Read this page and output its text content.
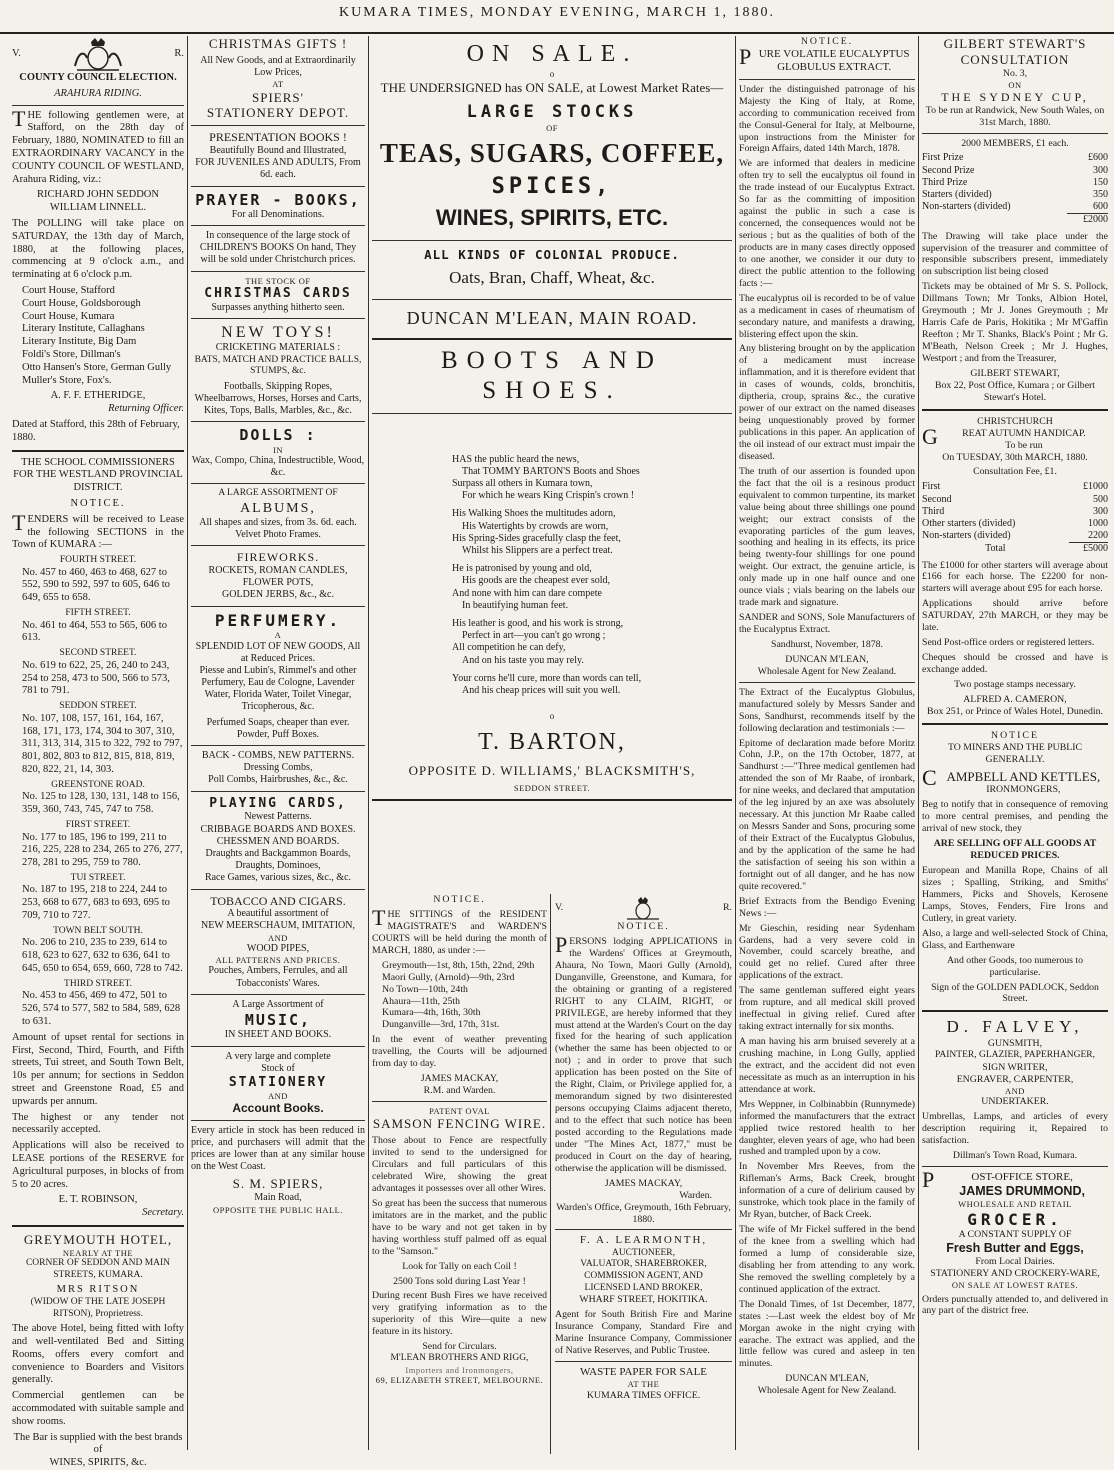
KUMARA TIMES, MONDAY EVENING, MARCH 1, 1880.
V.	R.

COUNTY COUNCIL ELECTION.

ARAHURA RIDING.

THE following gentlemen were, at Stafford, on the 28th day of February, 1880, NOMINATED to fill an EXTRAORDINARY VACANCY in the COUNTY COUNCIL OF WESTLAND, Arahura Riding, viz.:

RICHARD JOHN SEDDON

WILLIAM LINNELL.

The POLLING will take place on SATURDAY, the 13th day of March, 1880, at the following places, commencing at 9 o'clock a.m., and terminating at 6 o'clock p.m.

Court House, Stafford

Court House, Goldsborough

Court House, Kumara

Literary Institute, Callaghans

Literary Institute, Big Dam

Foldi's Store, Dillman's

Otto Hansen's Store, German Gully

Muller's Store, Fox's.

A. F. F. ETHERIDGE,

Returning Officer.

Dated at Stafford, this 28th of February, 1880.

THE SCHOOL COMMISSIONERS FOR THE WESTLAND PROVINCIAL DISTRICT.

NOTICE.

TENDERS will be received to Lease the following SECTIONS in the Town of KUMARA :—

FOURTH STREET.

No. 457 to 460, 463 to 468, 627 to 552, 590 to 592, 597 to 605, 646 to 649, 655 to 658.

FIFTH STREET.

No. 461 to 464, 553 to 565, 606 to 613.

SECOND STREET.

No. 619 to 622, 25, 26, 240 to 243, 254 to 258, 473 to 500, 566 to 573, 781 to 791.

SEDDON STREET.

No. 107, 108, 157, 161, 164, 167, 168, 171, 173, 174, 304 to 307, 310, 311, 313, 314, 315 to 322, 792 to 797, 801, 802, 803 to 812, 815, 818, 819, 820, 822, 21, 14, 303.

GREENSTONE ROAD.

No. 125 to 128, 130, 131, 148 to 156, 359, 360, 743, 745, 747 to 758.

FIRST STREET.

No. 177 to 185, 196 to 199, 211 to 216, 225, 228 to 234, 265 to 276, 277, 278, 281 to 295, 759 to 780.

TUI STREET.

No. 187 to 195, 218 to 224, 244 to 253, 668 to 677, 683 to 693, 695 to 709, 710 to 727.

TOWN BELT SOUTH.

No. 206 to 210, 235 to 239, 614 to 618, 623 to 627, 632 to 636, 641 to 645, 650 to 654, 659, 660, 728 to 742.

THIRD STREET.

No. 453 to 456, 469 to 472, 501 to 526, 574 to 577, 582 to 584, 589, 628 to 631.

Amount of upset rental for sections in First, Second, Third, Fourth, and Fifth streets, Tui street, and South Town Belt, 10s per annum; for sections in Seddon street and Greenstone Road, £5 and upwards per annum.

The highest or any tender not necessarily accepted.

Applications will also be received to LEASE portions of the RESERVE for Agricultural purposes, in blocks of from 5 to 20 acres.

E. T. ROBINSON,

Secretary.

GREYMOUTH HOTEL,

NEARLY AT THE

CORNER OF SEDDON AND MAIN STREETS, KUMARA.

MRS RITSON

(WIDOW OF THE LATE JOSEPH RITSON), Proprietress.

The above Hotel, being fitted with lofty and well-ventilated Bed and Sitting Rooms, offers every comfort and convenience to Boarders and Visitors generally.

Commercial gentlemen can be accommodated with suitable sample and show rooms.

The Bar is supplied with the best brands of

WINES, SPIRITS, &c.

CHRISTMAS GIFTS !

All New Goods, and at Extraordinarily Low Prices,

AT

SPIERS'

STATIONERY DEPOT.

PRESENTATION BOOKS !

Beautifully Bound and Illustrated,

FOR JUVENILES AND ADULTS, From 6d. each.

PRAYER - BOOKS,

For all Denominations.

In consequence of the large stock of CHILDREN'S BOOKS On hand, They will be sold under Christchurch prices.

THE STOCK OF

CHRISTMAS CARDS

Surpasses anything hitherto seen.

NEW TOYS!

CRICKETING MATERIALS :

BATS, MATCH AND PRACTICE BALLS, STUMPS, &c.

Footballs, Skipping Ropes,

Wheelbarrows, Horses, Horses and Carts,

Kites, Tops, Balls, Marbles, &c., &c.

DOLLS :

IN

Wax, Compo, China, Indestructible, Wood, &c.

A LARGE ASSORTMENT OF

ALBUMS,

All shapes and sizes, from 3s. 6d. each.

Velvet Photo Frames.

FIREWORKS.

ROCKETS, ROMAN CANDLES,

FLOWER POTS,

GOLDEN JERBS, &c., &c.

PERFUMERY.

A

SPLENDID LOT OF NEW GOODS, All at Reduced Prices.

Piesse and Lubin's, Rimmel's and other Perfumery, Eau de Cologne, Lavender Water, Florida Water, Toilet Vinegar, Tricopherous, &c.

Perfumed Soaps, cheaper than ever. Powder, Puff Boxes.

BACK - COMBS, NEW PATTERNS.

Dressing Combs,

Poll Combs, Hairbrushes, &c., &c.

PLAYING CARDS,

Newest Patterns.

CRIBBAGE BOARDS AND BOXES.

CHESSMEN AND BOARDS.

Draughts and Backgammon Boards,

Draughts, Dominoes,

Race Games, various sizes, &c., &c.

TOBACCO AND CIGARS.

A beautiful assortment of

NEW MEERSCHAUM, IMITATION,

AND

WOOD PIPES,

ALL PATTERNS AND PRICES.

Pouches, Ambers, Ferrules, and all Tobacconists' Wares.

A Large Assortment of

MUSIC,

IN SHEET AND BOOKS.

A very large and complete

Stock of

STATIONERY

AND

Account Books.

Every article in stock has been reduced in price, and purchasers will admit that the prices are lower than at any similar house on the West Coast.

S. M. SPIERS,

Main Road,

OPPOSITE THE PUBLIC HALL.

ON SALE.

o

THE UNDERSIGNED has ON SALE, at Lowest Market Rates—

LARGE STOCKS

OF

TEAS, SUGARS, COFFEE,

SPICES,

WINES, SPIRITS, ETC.

ALL KINDS OF COLONIAL PRODUCE.

Oats, Bran, Chaff, Wheat, &c.

DUNCAN M'LEAN, MAIN ROAD.

BOOTS AND SHOES.

HAS the public heard the news,

That TOMMY BARTON'S Boots and Shoes

Surpass all others in Kumara town,

For which he wears King Crispin's crown !

His Walking Shoes the multitudes adorn,

His Watertights by crowds are worn,

His Spring-Sides gracefully clasp the feet,

Whilst his Slippers are a perfect treat.

He is patronised by young and old,

His goods are the cheapest ever sold,

And none with him can dare compete

In beautifying human feet.

His leather is good, and his work is strong,

Perfect in art—you can't go wrong ;

All competition he can defy,

And on his taste you may rely.

Your corns he'll cure, more than words can tell,

And his cheap prices will suit you well.

o

T. BARTON,

OPPOSITE D. WILLIAMS,' BLACKSMITH'S,

SEDDON STREET.

NOTICE.

THE SITTINGS of the RESIDENT MAGISTRATE'S and WARDEN'S COURTS will be held during the month of MARCH, 1880, as under :—

Greymouth—1st, 8th, 15th, 22nd, 29th

Maori Gully, (Arnold)—9th, 23rd

No Town—10th, 24th

Ahaura—11th, 25th

Kumara—4th, 16th, 30th

Dunganville—3rd, 17th, 31st.

In the event of weather preventing travelling, the Courts will be adjourned from day to day.

JAMES MACKAY,

R.M. and Warden.

PATENT OVAL

SAMSON FENCING WIRE.

Those about to Fence are respectfully invited to send to the undersigned for Circulars and full particulars of this celebrated Wire, showing the great advantages it possesses over all other Wires.

So great has been the success that numerous imitators are in the market, and the public have to be wary and not get taken in by having worthless stuff palmed off as equal to the "Samson."

Look for Tally on each Coil !

2500 Tons sold during Last Year !

During recent Bush Fires we have received very gratifying information as to the superiority of this Wire—quite a new feature in its history.

Send for Circulars.

M'LEAN BROTHERS AND RIGG,

Importers and Ironmongers,

69, ELIZABETH STREET, MELBOURNE.

V.	R.

NOTICE.

PERSONS lodging APPLICATIONS in the Wardens' Offices at Greymouth, Ahaura, No Town, Maori Gully (Arnold), Dunganville, Greenstone, and Kumara, for the obtaining or granting of a registered RIGHT to any CLAIM, RIGHT, or PRIVILEGE, are hereby informed that they must attend at the Warden's Court on the day fixed for the hearing of such application (whether the same has been objected to or not) ; and in order to prove that such application has been posted on the Site of the Right, Claim, or Privilege applied for, a memorandum signed by two disinterested persons occupying Claims adjacent thereto, and to the effect that such notice has been posted according to the Regulations made under "The Mines Act, 1877," must be produced in Court on the day of hearing, otherwise the application will be dismissed.

JAMES MACKAY,

Warden.

Warden's Office, Greymouth, 16th February, 1880.

F. A. LEARMONTH,

AUCTIONEER,

VALUATOR, SHAREBROKER, COMMISSION AGENT, AND

LICENSED LAND BROKER,

WHARF STREET, HOKITIKA.

Agent for South British Fire and Marine Insurance Company, Standard Fire and Marine Insurance Company, Commissioner of Native Reserves, and Public Trustee.

WASTE PAPER FOR SALE

AT THE

KUMARA TIMES OFFICE.

NOTICE.

PURE VOLATILE EUCALYPTUS GLOBULUS EXTRACT.

Under the distinguished patronage of his Majesty the King of Italy, at Rome, according to communication received from the Consul-General for Italy, at Melbourne, upon instructions from the Minister for Foreign Affairs, dated 14th March, 1878.

We are informed that dealers in medicine often try to sell the eucalyptus oil found in the trade instead of our Eucalyptus Extract. So far as the committing of imposition against the public in such a case is concerned, the consequences would not be serious ; but as the qualities of both of the products are in many cases directly opposed to one another, we consider it our duty to direct the public attention to the following facts :—

The eucalyptus oil is recorded to be of value as a medicament in cases of rheumatism of secondary nature, and manifests a drawing, blistering effect upon the skin.

Any blistering brought on by the application of a medicament must increase inflammation, and it is therefore evident that in cases of wounds, colds, bronchitis, diptheria, croup, sprains &c., the curative power of our extract on the named diseases being unquestionably proved by former publications in this paper. An application of the oil instead of our extract must impair the diseased.

The truth of our assertion is founded upon the fact that the oil is a resinous product equivalent to common turpentine, its market value being about three shillings one pound weight; our extract consists of the evaporating particles of the gum leaves, soothing and healing in its effects, its price being twenty-four shillings for one pound weight. Our extract, the genuine article, is only made up in one half ounce and one ounce vials ; vials bearing on the labels our trade mark and signature.

SANDER and SONS, Sole Manufacturers of the Eucalyptus Extract.

Sandhurst, November, 1878.

DUNCAN M'LEAN,

Wholesale Agent for New Zealand.

The Extract of the Eucalyptus Globulus, manufactured solely by Messrs Sander and Sons, Sandhurst, recommends itself by the following declaration and testimonials :—

Epitome of declaration made before Moritz Cohn, J.P., on the 17th October, 1877, at Sandhurst :—"Three medical gentlemen had attended the son of Mr Raabe, of ironbark, for nine weeks, and declared that amputation of the leg injured by an axe was absolutely necessary. At this junction Mr Raabe called on Messrs Sander and Sons, procuring some of their Extract of the Eucalyptus Globulus, and by the application of the same he had the satisfaction of seeing his son within a fortnight out of all danger, and he has now quite recovered."

Brief Extracts from the Bendigo Evening News :—

Mr Gieschin, residing near Sydenham Gardens, had a very severe cold in November, could scarcely breathe, and could get no relief. Cured after three applications of the extract.

The same gentleman suffered eight years from rupture, and all medical skill proved ineffectual in giving relief. Cured after taking extract internally for six months.

A man having his arm bruised severely at a crushing machine, in Long Gully, applied the extract, and the accident did not even necessitate as much as an interruption in his attendance at work.

Mrs Weppner, in Colbinabbin (Runnymede) informed the manufacturers that the extract applied twice restored health to her daughter, eleven years of age, who had been rushed and trampled upon by a cow.

In November Mrs Reeves, from the Rifleman's Arms, Back Creek, brought information of a cure of delirium caused by sunstroke, which took place in the family of Mr Ryan, butcher, of Back Creek.

The wife of Mr Fickel suffered in the bend of the knee from a swelling which had formed a lump of considerable size, disabling her from attending to any work. She removed the swelling completely by a continued application of the extract.

The Donald Times, of 1st December, 1877, states :—Last week the eldest boy of Mr Morgan awoke in the night crying with earache. The extract was applied, and the little fellow was cured and asleep in ten minutes.

DUNCAN M'LEAN,

Wholesale Agent for New Zealand.

GILBERT STEWART'S

CONSULTATION

No. 3,

ON

THE SYDNEY CUP,

To be run at Randwick, New South Wales, on 31st March, 1880.

2000 MEMBERS, £1 each.

First Prize	£600
Second Prize	300
Third Prize	150
Starters (divided)	350
Non-starters (divided)	600
	£2000

The Drawing will take place under the supervision of the treasurer and committee of responsible subscribers present, immediately on subscription list being closed

Tickets may be obtained of Mr S. S. Pollock, Dillmans Town; Mr Tonks, Albion Hotel, Greymouth ; Mr J. Jones Greymouth ; Mr Harris Cafe de Paris, Hokitika ; Mr M'Gaffin Reefton ; Mr T. Shanks, Black's Point ; Mr G. M'Beath, Nelson Creek ; Mr J. Hughes, Westport ; and from the Treasurer,

GILBERT STEWART,

Box 22, Post Office, Kumara ; or Gilbert Stewart's Hotel.

CHRISTCHURCH

GREAT AUTUMN HANDICAP.

To be run

On TUESDAY, 30th MARCH, 1880.

Consultation Fee, £1.

First	£1000
Second	500
Third	300
Other starters (divided)	1000
Non-starters (divided)	2200
Total	£5000

The £1000 for other starters will average about £166 for each horse. The £2200 for non-starters will average about £95 for each horse.

Applications should arrive before SATURDAY, 27th MARCH, or they may be late.

Send Post-office orders or registered letters.

Cheques should be crossed and have is exchange added.

Two postage stamps necessary.

ALFRED A. CAMERON,

Box 251, or Prince of Wales Hotel, Dunedin.

NOTICE

TO MINERS AND THE PUBLIC GENERALLY.

CAMPBELL AND KETTLES,

IRONMONGERS,

Beg to notify that in consequence of removing to more central premises, and pending the arrival of new stock, they

ARE SELLING OFF ALL GOODS AT REDUCED PRICES.

European and Manilla Rope, Chains of all sizes ; Spalling, Striking, and Smiths' Hammers, Picks and Shovels, Kerosene Lamps, Stoves, Fenders, Fire Irons and Cutlery, in great variety.

Also, a large and well-selected Stock of China, Glass, and Earthenware

And other Goods, too numerous to particularise.

Sign of the GOLDEN PADLOCK, Seddon Street.

D. FALVEY,

GUNSMITH,

PAINTER, GLAZIER, PAPERHANGER,

SIGN WRITER,

ENGRAVER, CARPENTER,

AND

UNDERTAKER.

Umbrellas, Lamps, and articles of every description requiring it, Repaired to satisfaction.

Dillman's Town Road, Kumara.

POST-OFFICE STORE,

JAMES DRUMMOND,

WHOLESALE AND RETAIL

GROCER.

A CONSTANT SUPPLY OF

Fresh Butter and Eggs,

From Local Dairies.

STATIONERY AND CROCKERY-WARE,

ON SALE AT LOWEST RATES.

Orders punctually attended to, and delivered in any part of the district free.
